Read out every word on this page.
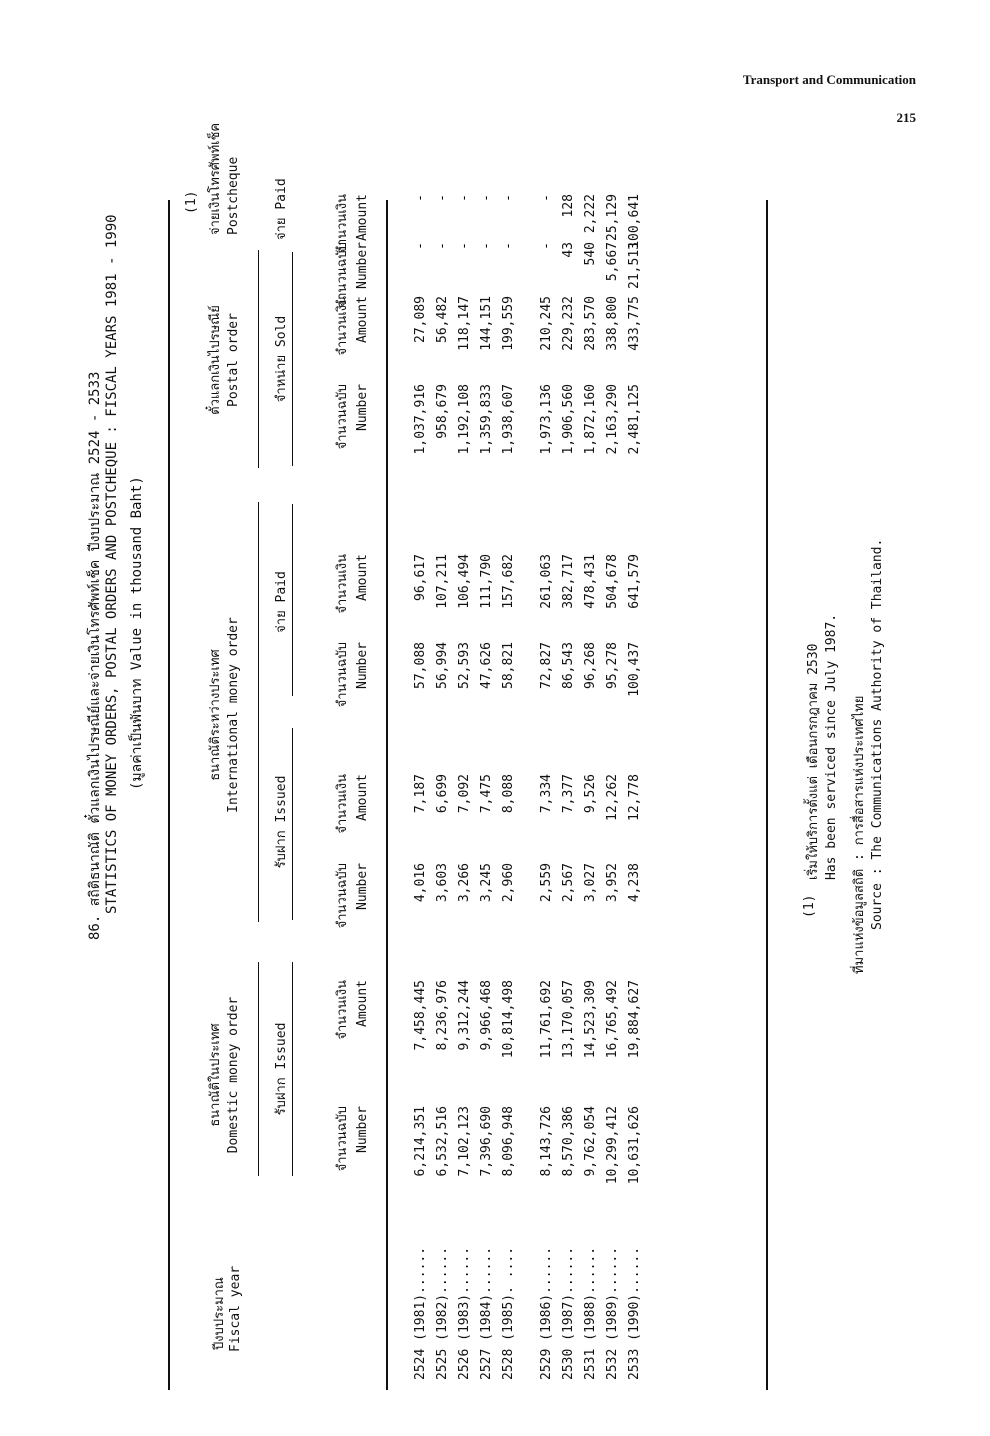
Transport and Communication
215
86. สถิติธนาณัติ ตั๋วแลกเงินไปรษณีย์และจ่ายเงินโทรศัพท์เช็ค ปีงบประมาณ 2524 - 2533 STATISTICS OF MONEY ORDERS, POSTAL ORDERS AND POSTCHEQUE : FISCAL YEARS 1981 - 1990 (มูลค่าเป็นพันบาท Value in thousand Baht)
ปีงบประมาณ Fiscal year
ธนาณัติในประเทศ Domestic money order
ธนาณัติระหว่างประเทศ International money order
ตั๋วแลกเงินไปรษณีย์ Postal order
(1) จ่ายเงินโทรศัพท์เช็ค Postcheque
รับฝาก Issued
รับฝาก Issued
จ่าย Paid
จำหน่าย Sold
จ่าย Paid
จำนวนฉบับ Number
จำนวนเงิน Amount
จำนวนฉบับ Number
จำนวนเงิน Amount
จำนวนฉบับ Number
จำนวนเงิน Amount
จำนวนฉบับ Number
จำนวนเงิน Amount
จำนวนฉบับ Number
จำนวนเงิน Amount
2524 (1981)......
6,214,351
7,458,445
4,016
7,187
57,088
96,617
1,037,916
27,089
-
-
2525 (1982)......
6,532,516
8,236,976
3,603
6,699
56,994
107,211
958,679
56,482
-
-
2526 (1983)......
7,102,123
9,312,244
3,266
7,092
52,593
106,494
1,192,108
118,147
-
-
2527 (1984)......
7,396,690
9,966,468
3,245
7,475
47,626
111,790
1,359,833
144,151
-
-
2528 (1985). ....
8,096,948
10,814,498
2,960
8,088
58,821
157,682
1,938,607
199,559
-
-
2529 (1986)......
8,143,726
11,761,692
2,559
7,334
72,827
261,063
1,973,136
210,245
-
-
2530 (1987)......
8,570,386
13,170,057
2,567
7,377
86,543
382,717
1,906,560
229,232
43
128
2531 (1988)......
9,762,054
14,523,309
3,027
9,526
96,268
478,431
1,872,160
283,570
540
2,222
2532 (1989)......
10,299,412
16,765,492
3,952
12,262
95,278
504,678
2,163,290
338,800
5,667
25,129
2533 (1990)......
10,631,626
19,884,627
4,238
12,778
100,437
641,579
2,481,125
433,775
21,513
100,641
(1)
เริ่มให้บริการตั้งแต่ เดือนกรกฎาคม 2530 Has been serviced since July 1987.	ที่มาแห่งข้อมูลสถิติ : การสื่อสารแห่งประเทศไทย Source : The Communications Authority of Thailand.
